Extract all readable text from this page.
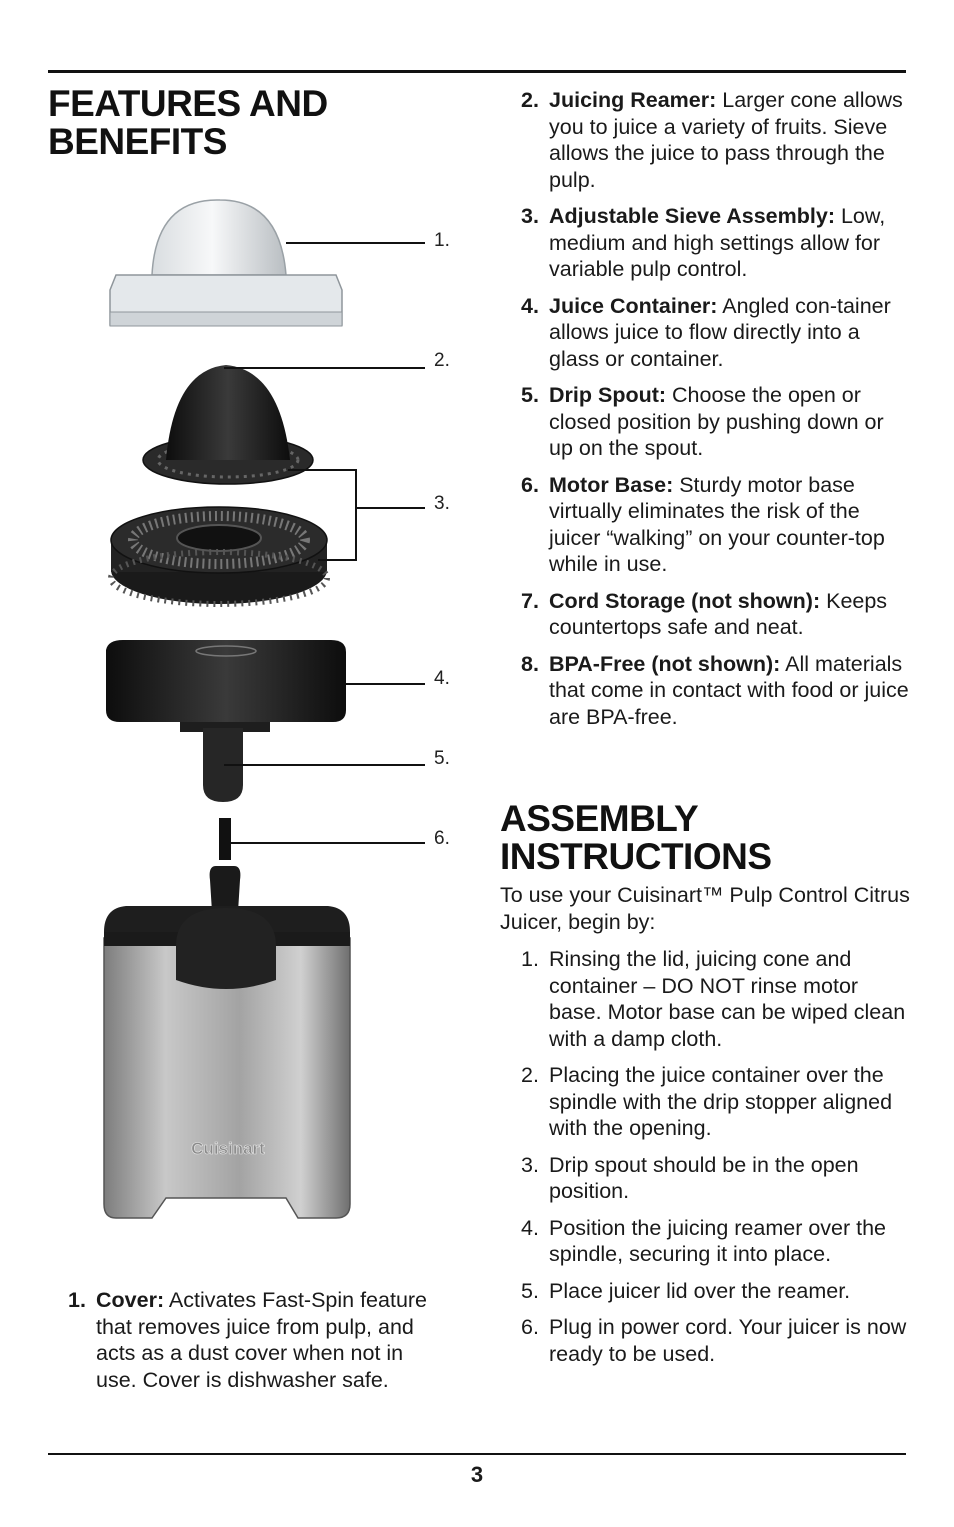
FEATURES AND BENEFITS
Cuisinart
1.
2.
3.
4.
5.
6.
1. Cover: Activates Fast-Spin feature that removes juice from pulp, and acts as a dust cover when not in use. Cover is dishwasher safe.
2. Juicing Reamer: Larger cone allows you to juice a variety of fruits. Sieve allows the juice to pass through the pulp.
3. Adjustable Sieve Assembly: Low, medium and high settings allow for variable pulp control.
4. Juice Container: Angled con-tainer allows juice to flow directly into a glass or container.
5. Drip Spout: Choose the open or closed position by pushing down or up on the spout.
6. Motor Base: Sturdy motor base virtually eliminates the risk of the juicer “walking” on your counter-top while in use.
7. Cord Storage (not shown): Keeps countertops safe and neat.
8. BPA-Free (not shown): All materials that come in contact with food or juice are BPA-free.
ASSEMBLY INSTRUCTIONS
To use your Cuisinart™ Pulp Control Citrus Juicer, begin by:
1. Rinsing the lid, juicing cone and container – DO NOT rinse motor base. Motor base can be wiped clean with a damp cloth.
2. Placing the juice container over the spindle with the drip stopper aligned with the opening.
3. Drip spout should be in the open position.
4. Position the juicing reamer over the spindle, securing it into place.
5. Place juicer lid over the reamer.
6. Plug in power cord. Your juicer is now ready to be used.
3
